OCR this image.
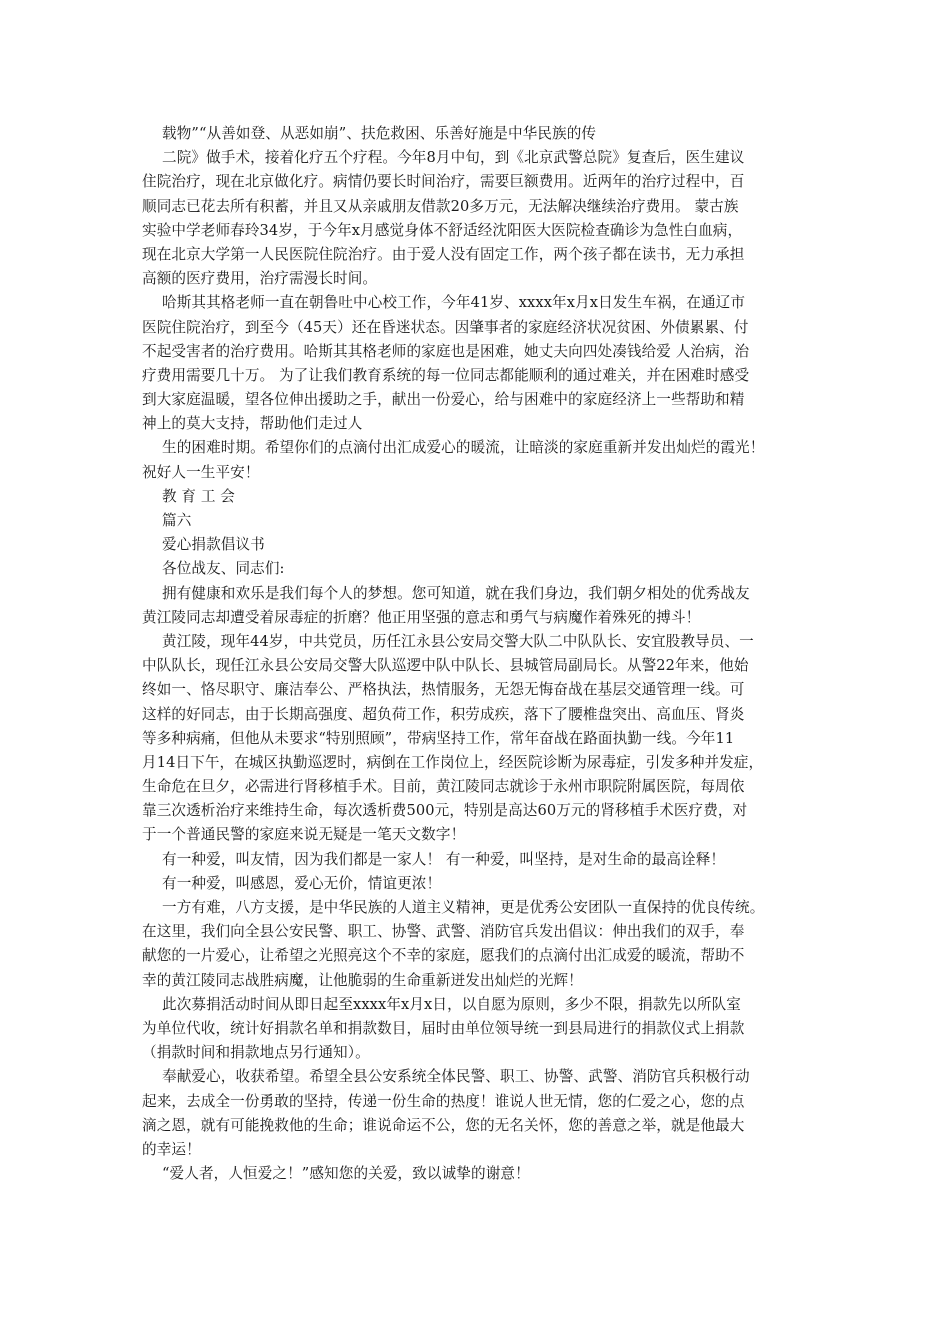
载物”“从善如登、从恶如崩”、扶危救困、乐善好施是中华民族的传
二院》做手术，接着化疗五个疗程。今年8月中旬，到《北京武警总院》复查后，医生建议
住院治疗，现在北京做化疗。病情仍要长时间治疗，需要巨额费用。近两年的治疗过程中，百
顺同志已花去所有积蓄，并且又从亲戚朋友借款20多万元，无法解决继续治疗费用。 蒙古族
实验中学老师春玲34岁，于今年x月感觉身体不舒适经沈阳医大医院检查确诊为急性白血病，
现在北京大学第一人民医院住院治疗。由于爱人没有固定工作，两个孩子都在读书，无力承担
高额的医疗费用，治疗需漫长时间。
哈斯其其格老师一直在朝鲁吐中心校工作，今年41岁、xxxx年x月x日发生车祸，在通辽市
医院住院治疗，到至今（45天）还在昏迷状态。因肇事者的家庭经济状况贫困、外债累累、付
不起受害者的治疗费用。哈斯其其格老师的家庭也是困难，她丈夫向四处凑钱给爱 人治病，治
疗费用需要几十万。 为了让我们教育系统的每一位同志都能顺利的通过难关，并在困难时感受
到大家庭温暖，望各位伸出援助之手，献出一份爱心，给与困难中的家庭经济上一些帮助和精
神上的莫大支持，帮助他们走过人
生的困难时期。希望你们的点滴付出汇成爱心的暖流，让暗淡的家庭重新并发出灿烂的霞光！
祝好人一生平安！
教 育 工 会
篇六
爱心捐款倡议书
各位战友、同志们:
拥有健康和欢乐是我们每个人的梦想。您可知道，就在我们身边，我们朝夕相处的优秀战友
黄江陵同志却遭受着尿毒症的折磨？他正用坚强的意志和勇气与病魔作着殊死的搏斗！
黄江陵，现年44岁，中共党员，历任江永县公安局交警大队二中队队长、安宜股教导员、一
中队队长，现任江永县公安局交警大队巡逻中队中队长、县城管局副局长。从警22年来，他始
终如一、恪尽职守、廉洁奉公、严格执法，热情服务，无怨无悔奋战在基层交通管理一线。可
这样的好同志，由于长期高强度、超负荷工作，积劳成疾，落下了腰椎盘突出、高血压、肾炎
等多种病痛，但他从未要求“特别照顾”，带病坚持工作，常年奋战在路面执勤一线。今年11
月14日下午，在城区执勤巡逻时，病倒在工作岗位上，经医院诊断为尿毒症，引发多种并发症，
生命危在旦夕，必需进行肾移植手术。目前，黄江陵同志就诊于永州市职院附属医院，每周依
靠三次透析治疗来维持生命，每次透析费500元，特别是高达60万元的肾移植手术医疗费，对
于一个普通民警的家庭来说无疑是一笔天文数字！
有一种爱，叫友情，因为我们都是一家人！ 有一种爱，叫坚持，是对生命的最高诠释！
有一种爱，叫感恩，爱心无价，情谊更浓！
一方有难，八方支援，是中华民族的人道主义精神，更是优秀公安团队一直保持的优良传统。
在这里，我们向全县公安民警、职工、协警、武警、消防官兵发出倡议：伸出我们的双手，奉
献您的一片爱心，让希望之光照亮这个不幸的家庭，愿我们的点滴付出汇成爱的暖流，帮助不
幸的黄江陵同志战胜病魔，让他脆弱的生命重新迸发出灿烂的光辉！
此次募捐活动时间从即日起至xxxx年x月x日，以自愿为原则，多少不限，捐款先以所队室
为单位代收，统计好捐款名单和捐款数目，届时由单位领导统一到县局进行的捐款仪式上捐款
（捐款时间和捐款地点另行通知）。
奉献爱心，收获希望。希望全县公安系统全体民警、职工、协警、武警、消防官兵积极行动
起来，去成全一份勇敢的坚持，传递一份生命的热度！谁说人世无情，您的仁爱之心，您的点
滴之恩，就有可能挽救他的生命；谁说命运不公，您的无名关怀，您的善意之举，就是他最大
的幸运！
“爱人者，人恒爱之！”感知您的关爱，致以诚挚的谢意！
